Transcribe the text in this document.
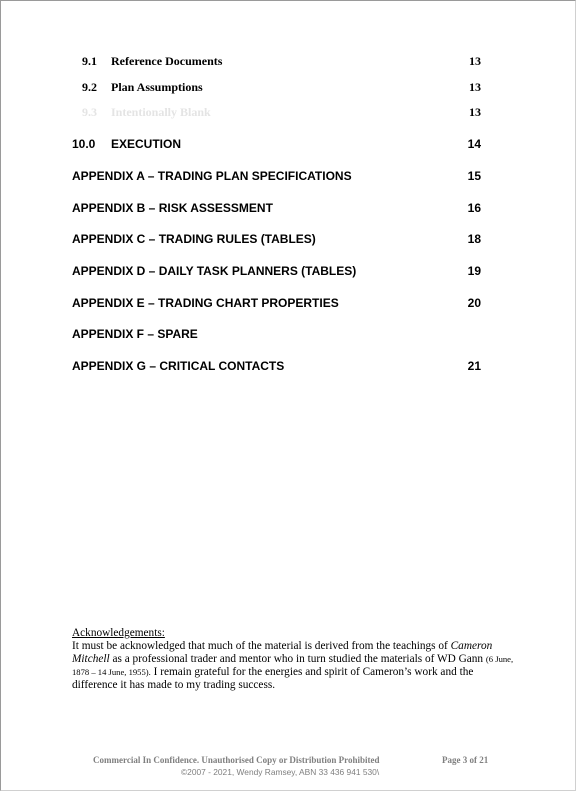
9.1 Reference Documents	13
9.2 Plan Assumptions	13
9.3 Intentionally Blank	13
10.0 EXECUTION	14
APPENDIX A – TRADING PLAN SPECIFICATIONS	15
APPENDIX B – RISK ASSESSMENT	16
APPENDIX C – TRADING RULES (TABLES)	18
APPENDIX D – DAILY TASK PLANNERS (TABLES)	19
APPENDIX E – TRADING CHART PROPERTIES	20
APPENDIX F – SPARE
APPENDIX G – CRITICAL CONTACTS	21
Acknowledgements:
It must be acknowledged that much of the material is derived from the teachings of Cameron Mitchell as a professional trader and mentor who in turn studied the materials of WD Gann (6 June, 1878 – 14 June, 1955). I remain grateful for the energies and spirit of Cameron’s work and the difference it has made to my trading success.
Commercial In Confidence. Unauthorised Copy or Distribution Prohibited	Page 3 of 21
©2007 - 2021, Wendy Ramsey, ABN 33 436 941 530\
